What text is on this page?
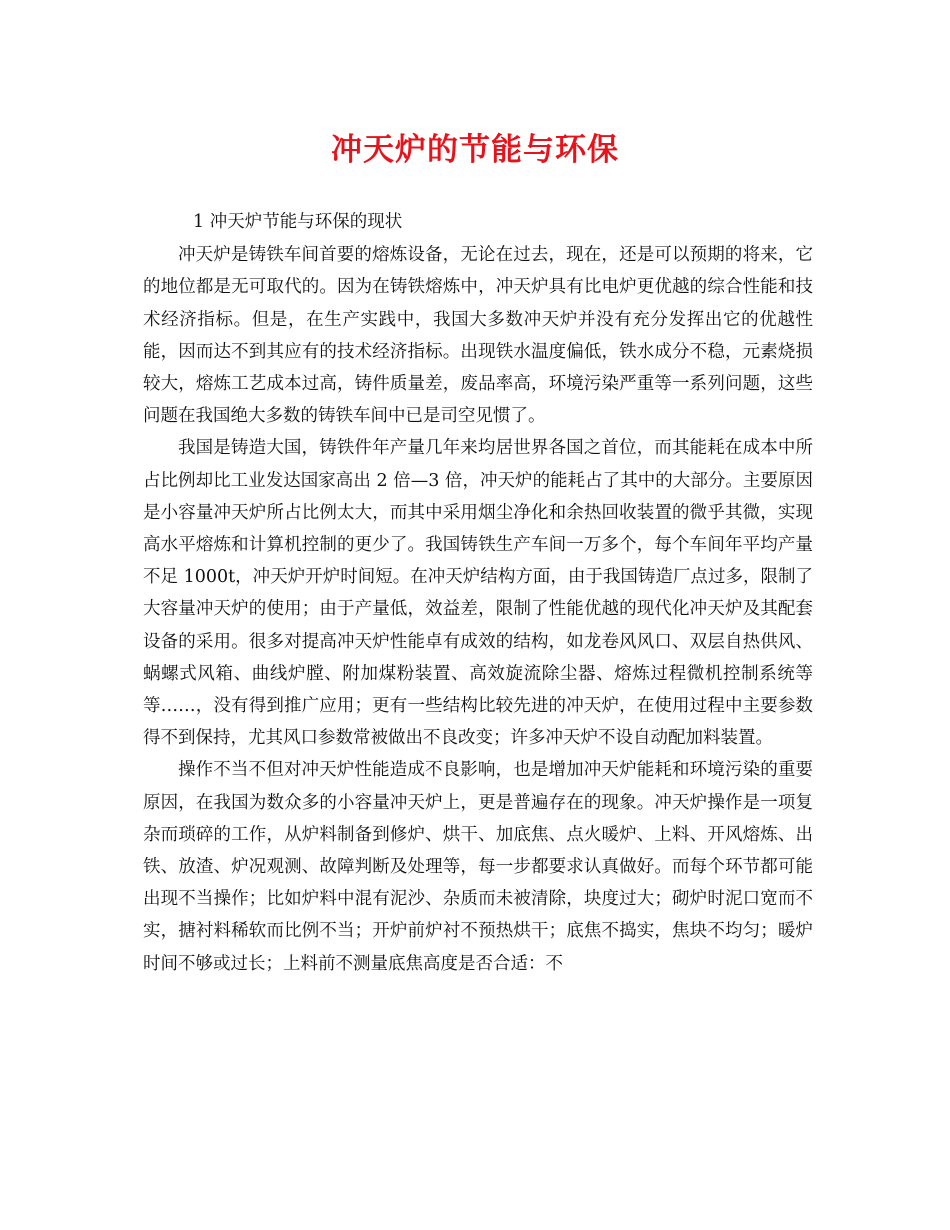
冲天炉的节能与环保

1 冲天炉节能与环保的现状

冲天炉是铸铁车间首要的熔炼设备，无论在过去，现在，还是可以预期的将来，它的地位都是无可取代的。因为在铸铁熔炼中，冲天炉具有比电炉更优越的综合性能和技术经济指标。但是，在生产实践中，我国大多数冲天炉并没有充分发挥出它的优越性能，因而达不到其应有的技术经济指标。出现铁水温度偏低，铁水成分不稳，元素烧损较大，熔炼工艺成本过高，铸件质量差，废品率高，环境污染严重等一系列问题，这些问题在我国绝大多数的铸铁车间中已是司空见惯了。

我国是铸造大国，铸铁件年产量几年来均居世界各国之首位，而其能耗在成本中所占比例却比工业发达国家高出 2 倍—3 倍，冲天炉的能耗占了其中的大部分。主要原因是小容量冲天炉所占比例太大，而其中采用烟尘净化和余热回收装置的微乎其微，实现高水平熔炼和计算机控制的更少了。我国铸铁生产车间一万多个，每个车间年平均产量不足 1000t，冲天炉开炉时间短。在冲天炉结构方面，由于我国铸造厂点过多，限制了大容量冲天炉的使用；由于产量低，效益差，限制了性能优越的现代化冲天炉及其配套设备的采用。很多对提高冲天炉性能卓有成效的结构，如龙卷风风口、双层自热供风、蜗螺式风箱、曲线炉膛、附加煤粉装置、高效旋流除尘器、熔炼过程微机控制系统等等……，没有得到推广应用；更有一些结构比较先进的冲天炉，在使用过程中主要参数得不到保持，尤其风口参数常被做出不良改变；许多冲天炉不设自动配加料装置。

操作不当不但对冲天炉性能造成不良影响，也是增加冲天炉能耗和环境污染的重要原因，在我国为数众多的小容量冲天炉上，更是普遍存在的现象。冲天炉操作是一项复杂而琐碎的工作，从炉料制备到修炉、烘干、加底焦、点火暖炉、上料、开风熔炼、出铁、放渣、炉况观测、故障判断及处理等，每一步都要求认真做好。而每个环节都可能出现不当操作；比如炉料中混有泥沙、杂质而未被清除，块度过大；砌炉时泥口宽而不实，搪衬料稀软而比例不当；开炉前炉衬不预热烘干；底焦不捣实，焦块不均匀；暖炉时间不够或过长；上料前不测量底焦高度是否合适：不
